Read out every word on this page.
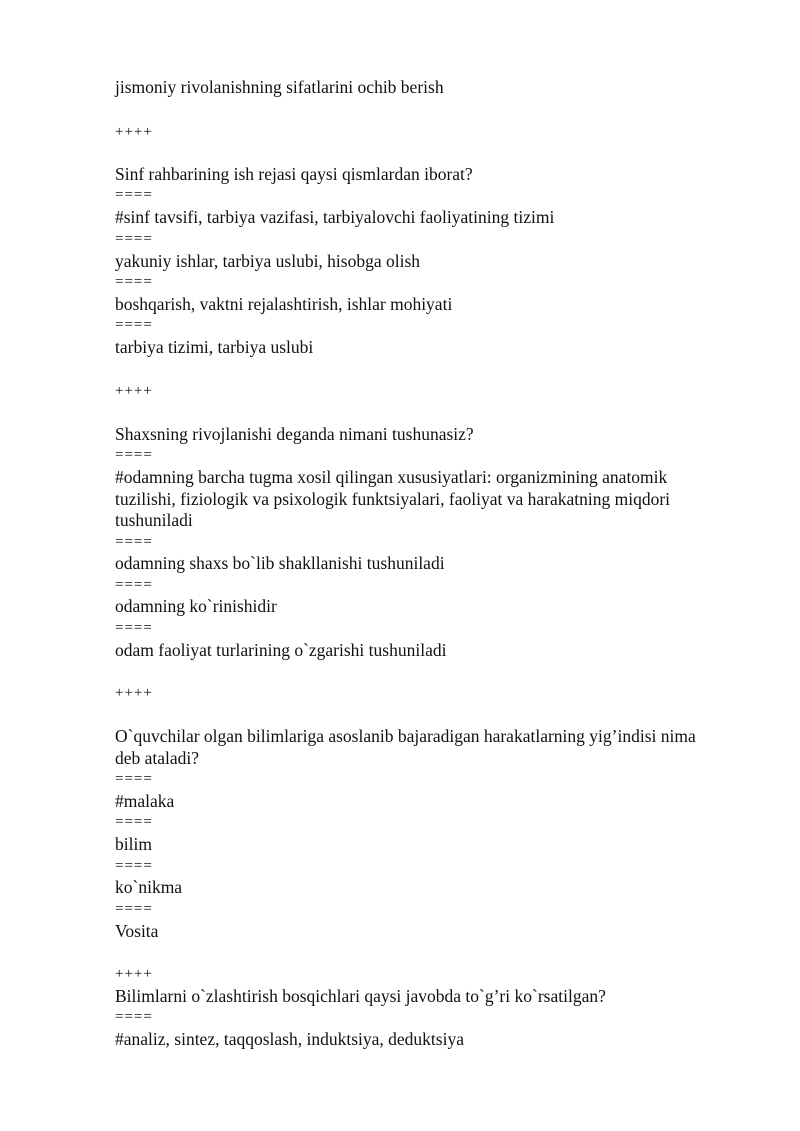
jismoniy rivolanishning sifatlarini ochib berish
++++
Sinf rahbarining ish rejasi qaysi qismlardan iborat?
====
#sinf tavsifi, tarbiya vazifasi, tarbiyalovchi faoliyatining tizimi
====
yakuniy ishlar, tarbiya uslubi, hisobga olish
====
boshqarish, vaktni rejalashtirish, ishlar mohiyati
====
tarbiya tizimi, tarbiya uslubi
++++
Shaxsning rivojlanishi deganda nimani tushunasiz?
====
#odamning barcha tugma xosil qilingan xususiyatlari: organizmining anatomik
tuzilishi, fiziologik va psixologik funktsiyalari, faoliyat va harakatning miqdori
tushuniladi
====
odamning shaxs bo`lib shakllanishi tushuniladi
====
odamning ko`rinishidir
====
odam faoliyat turlarining o`zgarishi tushuniladi
++++
O`quvchilar olgan bilimlariga asoslanib bajaradigan harakatlarning yig’indisi nima
deb ataladi?
====
#malaka
====
bilim
====
ko`nikma
====
Vosita
++++
Bilimlarni o`zlashtirish bosqichlari qaysi javobda to`g’ri ko`rsatilgan?
====
#analiz, sintez, taqqoslash, induktsiya, deduktsiya
